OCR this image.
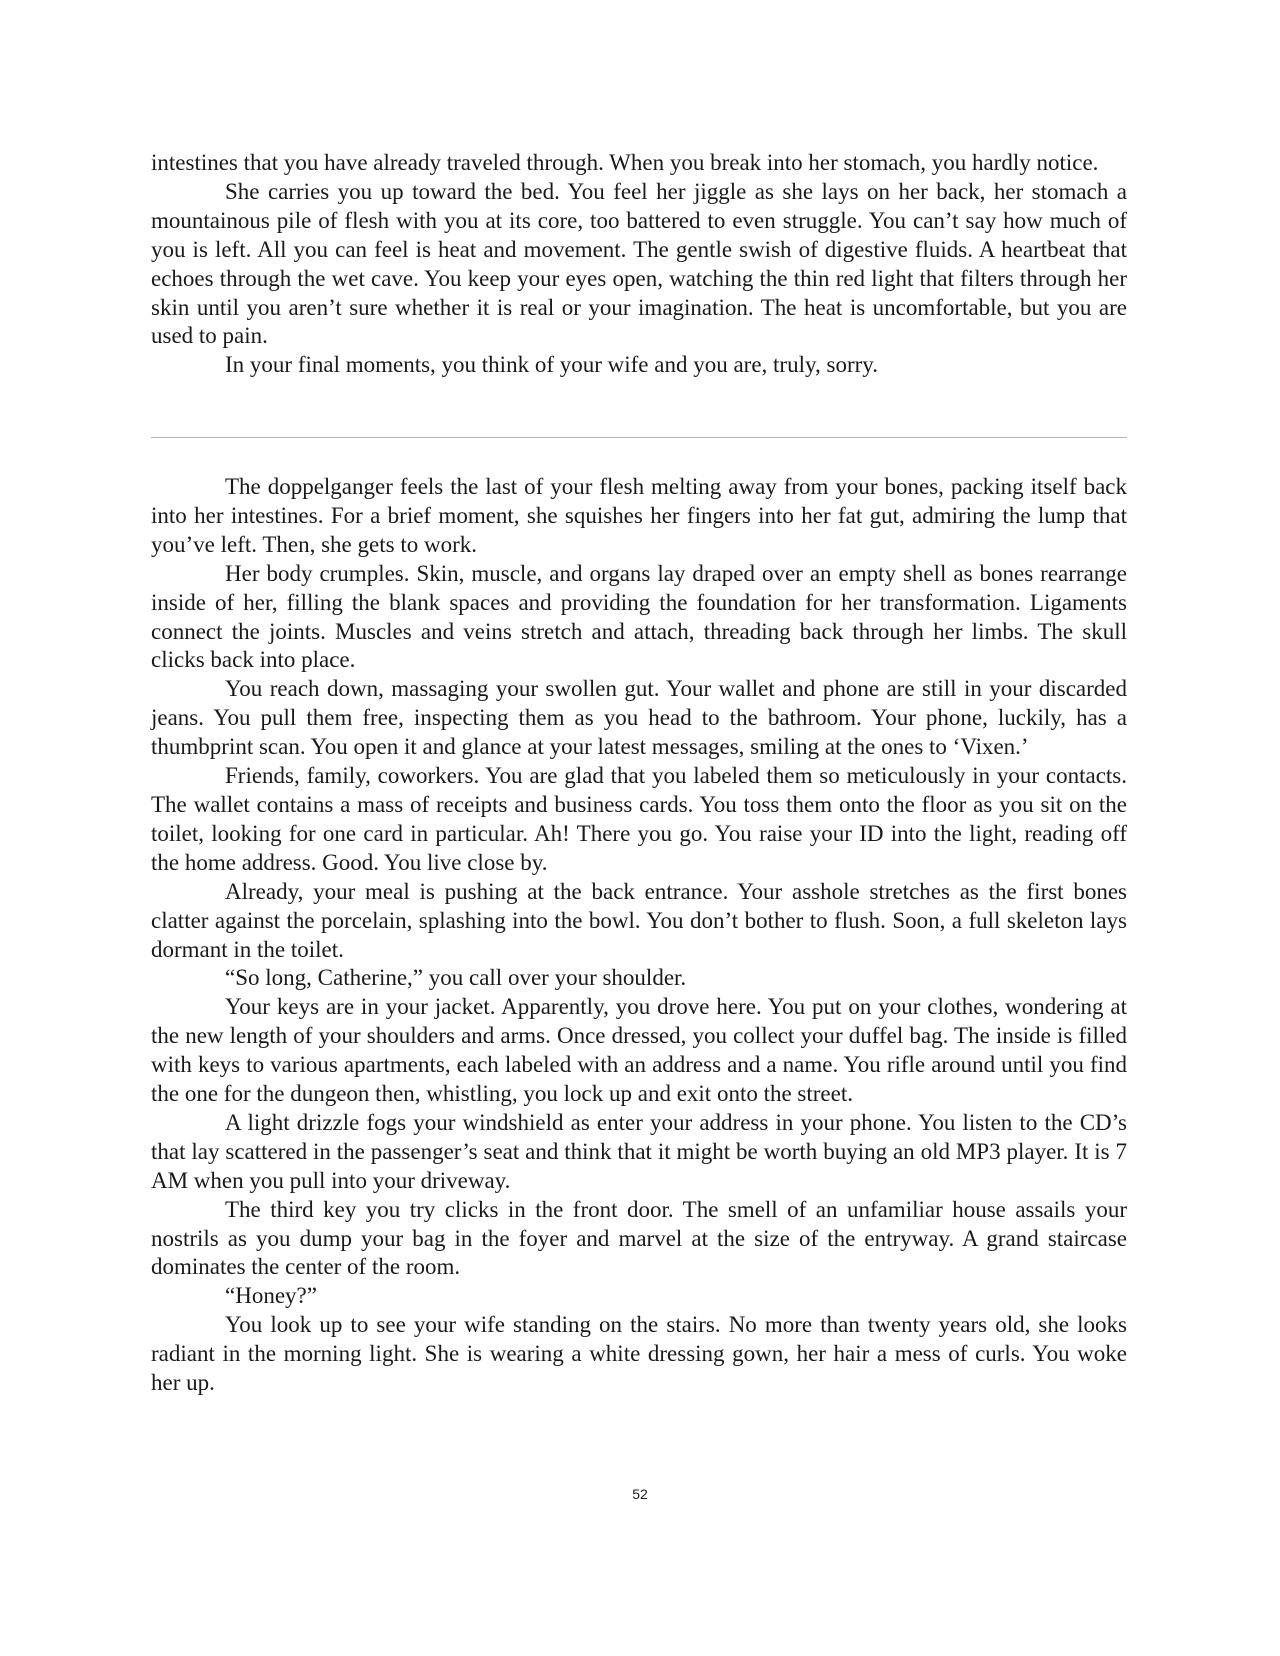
intestines that you have already traveled through. When you break into her stomach, you hardly notice.

She carries you up toward the bed. You feel her jiggle as she lays on her back, her stomach a mountainous pile of flesh with you at its core, too battered to even struggle. You can’t say how much of you is left. All you can feel is heat and movement. The gentle swish of digestive fluids. A heartbeat that echoes through the wet cave. You keep your eyes open, watching the thin red light that filters through her skin until you aren’t sure whether it is real or your imagination. The heat is uncomfortable, but you are used to pain.

In your final moments, you think of your wife and you are, truly, sorry.

The doppelganger feels the last of your flesh melting away from your bones, packing itself back into her intestines. For a brief moment, she squishes her fingers into her fat gut, admiring the lump that you’ve left. Then, she gets to work.

Her body crumples. Skin, muscle, and organs lay draped over an empty shell as bones rearrange inside of her, filling the blank spaces and providing the foundation for her transformation. Ligaments connect the joints. Muscles and veins stretch and attach, threading back through her limbs. The skull clicks back into place.

You reach down, massaging your swollen gut. Your wallet and phone are still in your discarded jeans. You pull them free, inspecting them as you head to the bathroom. Your phone, luckily, has a thumbprint scan. You open it and glance at your latest messages, smiling at the ones to ‘Vixen.’

Friends, family, coworkers. You are glad that you labeled them so meticulously in your contacts. The wallet contains a mass of receipts and business cards. You toss them onto the floor as you sit on the toilet, looking for one card in particular. Ah! There you go. You raise your ID into the light, reading off the home address. Good. You live close by.

Already, your meal is pushing at the back entrance. Your asshole stretches as the first bones clatter against the porcelain, splashing into the bowl. You don’t bother to flush. Soon, a full skeleton lays dormant in the toilet.

“So long, Catherine,” you call over your shoulder.

Your keys are in your jacket. Apparently, you drove here. You put on your clothes, wondering at the new length of your shoulders and arms. Once dressed, you collect your duffel bag. The inside is filled with keys to various apartments, each labeled with an address and a name. You rifle around until you find the one for the dungeon then, whistling, you lock up and exit onto the street.

A light drizzle fogs your windshield as enter your address in your phone. You listen to the CD’s that lay scattered in the passenger’s seat and think that it might be worth buying an old MP3 player. It is 7 AM when you pull into your driveway.

The third key you try clicks in the front door. The smell of an unfamiliar house assails your nostrils as you dump your bag in the foyer and marvel at the size of the entryway. A grand staircase dominates the center of the room.

“Honey?”

You look up to see your wife standing on the stairs. No more than twenty years old, she looks radiant in the morning light. She is wearing a white dressing gown, her hair a mess of curls. You woke her up.

52
